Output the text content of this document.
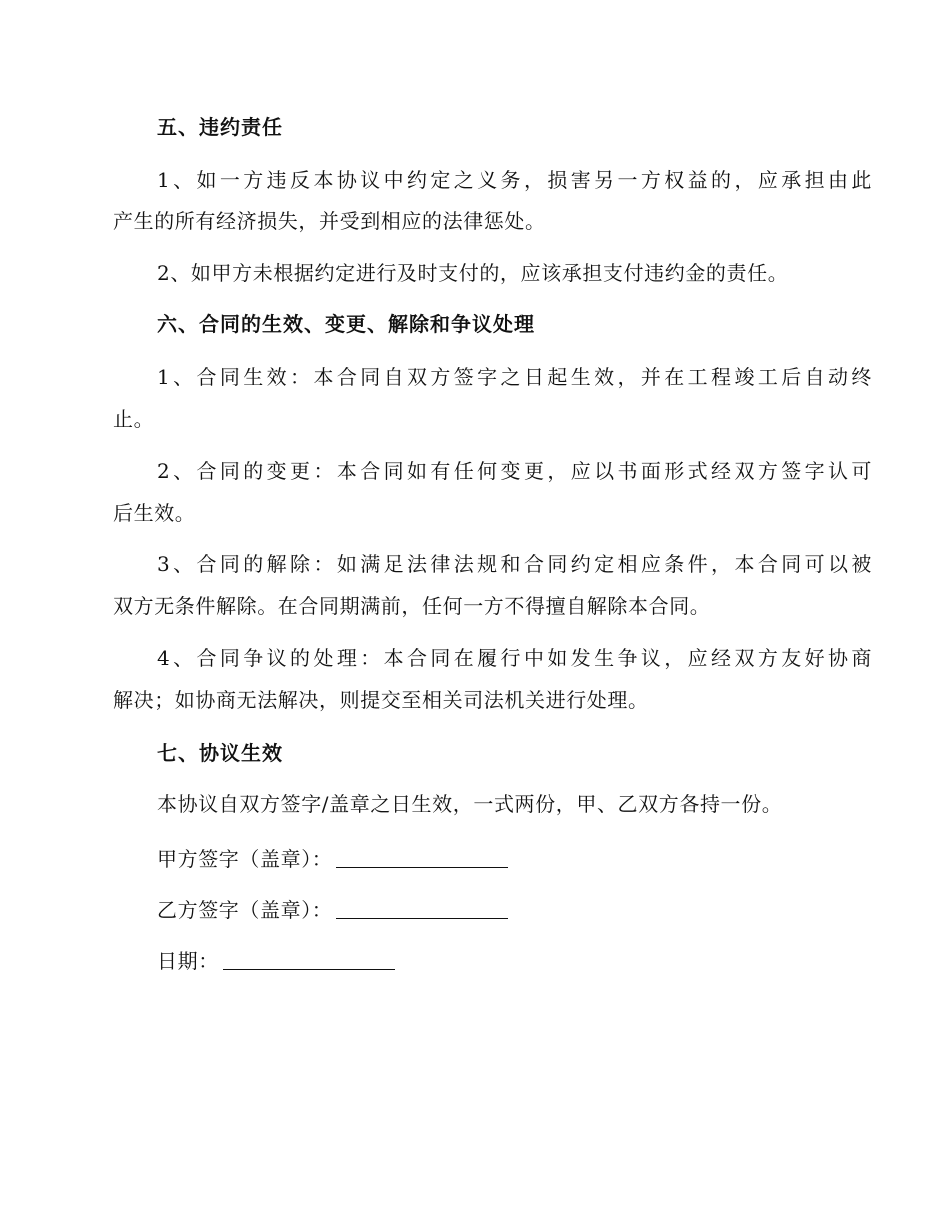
五、违约责任
1、如一方违反本协议中约定之义务，损害另一方权益的，应承担由此
产生的所有经济损失，并受到相应的法律惩处。
2、如甲方未根据约定进行及时支付的，应该承担支付违约金的责任。
六、合同的生效、变更、解除和争议处理
1、合同生效：本合同自双方签字之日起生效，并在工程竣工后自动终
止。
2、合同的变更：本合同如有任何变更，应以书面形式经双方签字认可
后生效。
3、合同的解除：如满足法律法规和合同约定相应条件，本合同可以被
双方无条件解除。在合同期满前，任何一方不得擅自解除本合同。
4、合同争议的处理：本合同在履行中如发生争议，应经双方友好协商
解决；如协商无法解决，则提交至相关司法机关进行处理。
七、协议生效
本协议自双方签字/盖章之日生效，一式两份，甲、乙双方各持一份。
甲方签字（盖章）：
乙方签字（盖章）：
日期：
